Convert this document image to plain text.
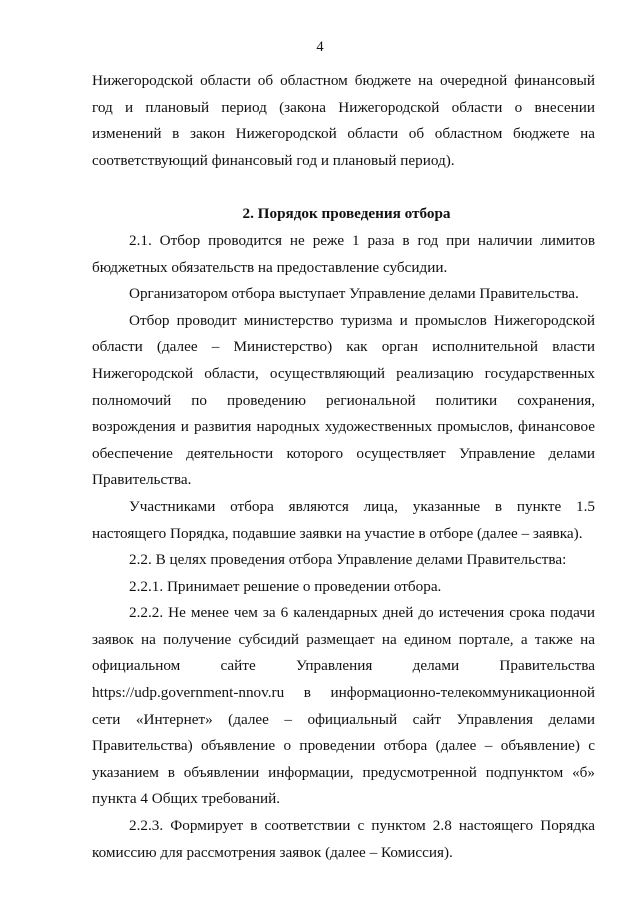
4

Нижегородской области об областном бюджете на очередной финансовый год и плановый период (закона Нижегородской области о внесении изменений в закон Нижегородской области об областном бюджете на соответствующий финансовый год и плановый период).

2. Порядок проведения отбора

2.1. Отбор проводится не реже 1 раза в год при наличии лимитов бюджетных обязательств на предоставление субсидии.

Организатором отбора выступает Управление делами Правительства.

Отбор проводит министерство туризма и промыслов Нижегородской области (далее – Министерство) как орган исполнительной власти Нижегородской области, осуществляющий реализацию государственных полномочий по проведению региональной политики сохранения, возрождения и развития народных художественных промыслов, финансовое обеспечение деятельности которого осуществляет Управление делами Правительства.

Участниками отбора являются лица, указанные в пункте 1.5 настоящего Порядка, подавшие заявки на участие в отборе (далее – заявка).

2.2. В целях проведения отбора Управление делами Правительства:

2.2.1. Принимает решение о проведении отбора.

2.2.2. Не менее чем за 6 календарных дней до истечения срока подачи заявок на получение субсидий размещает на едином портале, а также на официальном сайте Управления делами Правительства https://udp.government-nnov.ru в информационно-телекоммуникационной сети «Интернет» (далее – официальный сайт Управления делами Правительства) объявление о проведении отбора (далее – объявление) с указанием в объявлении информации, предусмотренной подпунктом «б» пункта 4 Общих требований.

2.2.3. Формирует в соответствии с пунктом 2.8 настоящего Порядка комиссию для рассмотрения заявок (далее – Комиссия).
